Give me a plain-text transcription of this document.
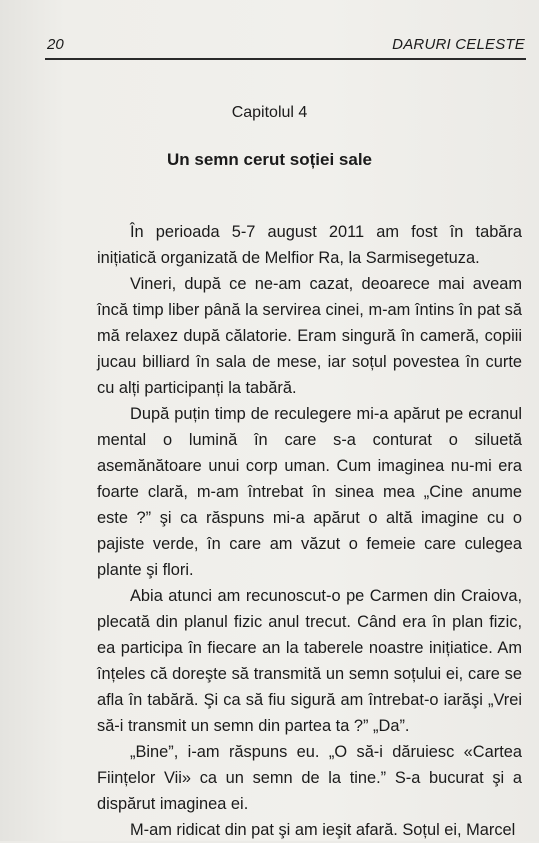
20	DARURI CELESTE
Capitolul 4
Un semn cerut soției sale

În perioada 5-7 august 2011 am fost în tabăra inițiatică organizată de Melfior Ra, la Sarmisegetuza.

Vineri, după ce ne-am cazat, deoarece mai aveam încă timp liber până la servirea cinei, m-am întins în pat să mă relaxez după călatorie. Eram singură în cameră, copiii jucau billiard în sala de mese, iar soțul povestea în curte cu alți participanți la tabără.

După puțin timp de reculegere mi-a apărut pe ecranul mental o lumină în care s-a conturat o siluetă asemănătoare unui corp uman. Cum imaginea nu-mi era foarte clară, m-am întrebat în sinea mea „Cine anume este ?” şi ca răspuns mi-a apărut o altă imagine cu o pajiste verde, în care am văzut o femeie care culegea plante şi flori.

Abia atunci am recunoscut-o pe Carmen din Craiova, plecată din planul fizic anul trecut. Când era în plan fizic, ea participa în fiecare an la taberele noastre inițiatice. Am înțeles că doreşte să transmită un semn soțului ei, care se afla în tabără. Şi ca să fiu sigură am întrebat-o iarăşi „Vrei să-i transmit un semn din partea ta ?” „Da”.

„Bine”, i-am răspuns eu. „O să-i dăruiesc «Cartea Ființelor Vii» ca un semn de la tine.” S-a bucurat şi a dispărut imaginea ei.

M-am ridicat din pat şi am ieşit afară. Soțul ei, Marcel
